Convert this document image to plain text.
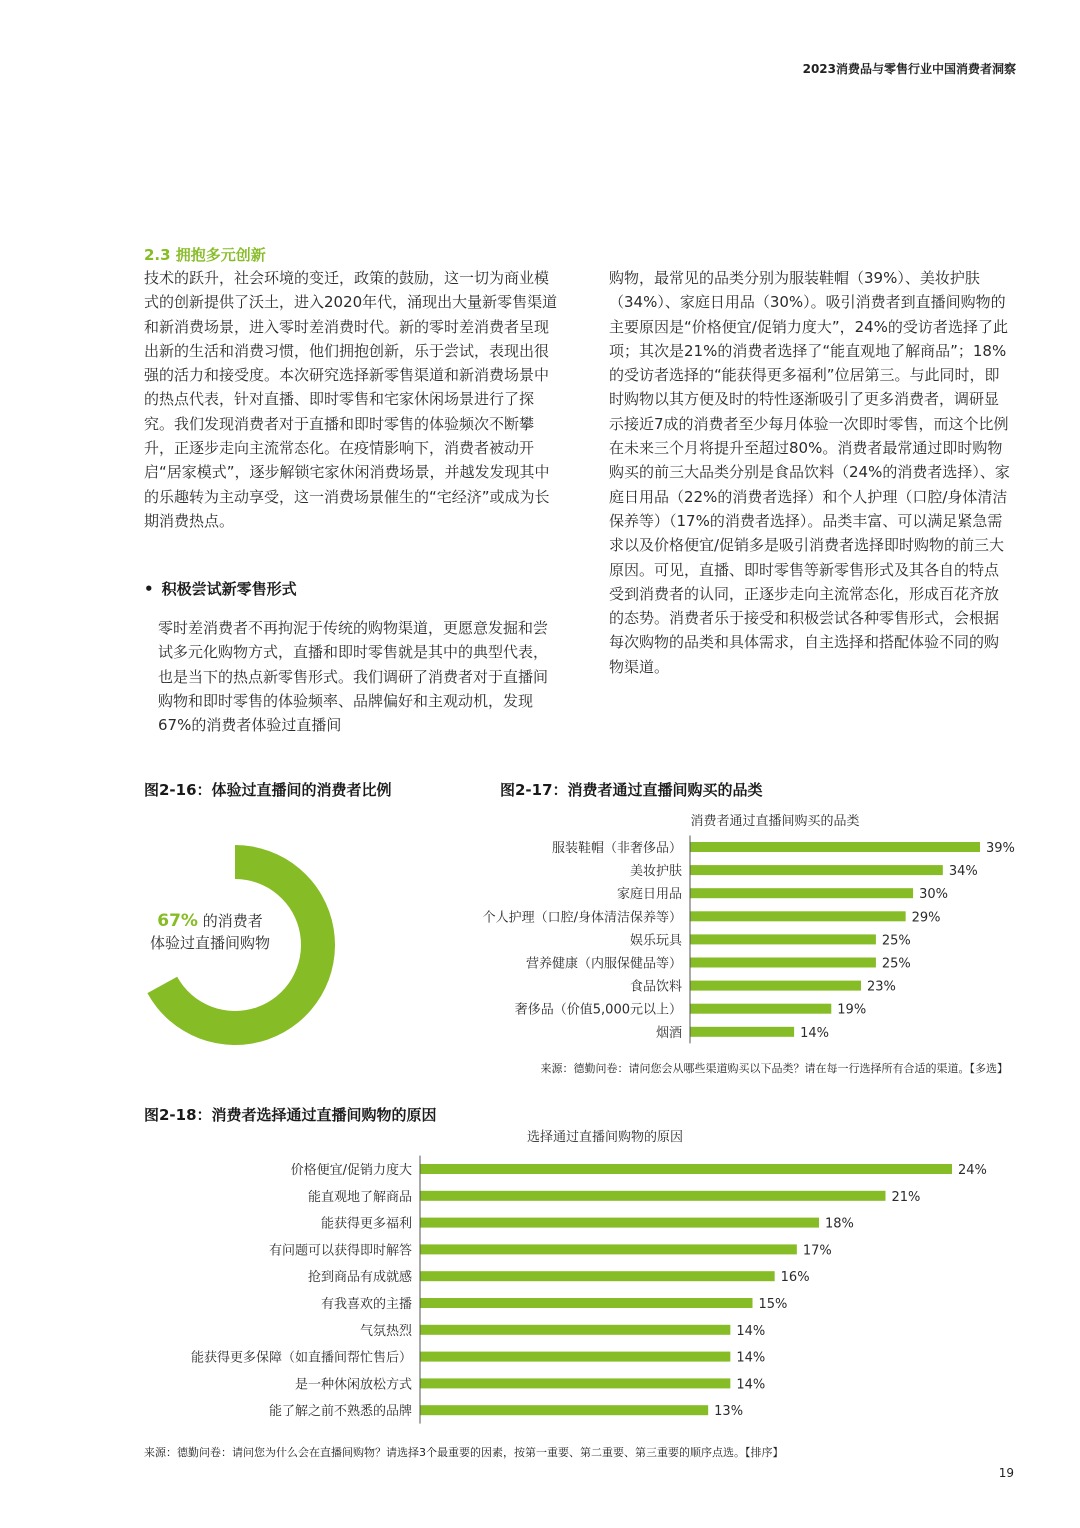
2023消费品与零售行业中国消费者洞察
2.3 拥抱多元创新

技术的跃升，社会环境的变迁，政策的鼓励，这一切为商业模式的创新提供了沃土，进入2020年代，涌现出大量新零售渠道和新消费场景，进入零时差消费时代。新的零时差消费者呈现出新的生活和消费习惯，他们拥抱创新，乐于尝试，表现出很强的活力和接受度。本次研究选择新零售渠道和新消费场景中的热点代表，针对直播、即时零售和宅家休闲场景进行了探究。我们发现消费者对于直播和即时零售的体验频次不断攀升，正逐步走向主流常态化。在疫情影响下，消费者被动开启“居家模式”，逐步解锁宅家休闲消费场景，并越发发现其中的乐趣转为主动享受，这一消费场景催生的“宅经济”或成为长期消费热点。

• 积极尝试新零售形式

零时差消费者不再拘泥于传统的购物渠道，更愿意发掘和尝试多元化购物方式，直播和即时零售就是其中的典型代表，也是当下的热点新零售形式。我们调研了消费者对于直播间购物和即时零售的体验频率、品牌偏好和主观动机，发现67%的消费者体验过直播间

购物，最常见的品类分别为服装鞋帽（39%）、美妆护肤（34%）、家庭日用品（30%）。吸引消费者到直播间购物的主要原因是“价格便宜/促销力度大”，24%的受访者选择了此项；其次是21%的消费者选择了“能直观地了解商品”；18%的受访者选择的“能获得更多福利”位居第三。与此同时，即时购物以其方便及时的特性逐渐吸引了更多消费者，调研显示接近7成的消费者至少每月体验一次即时零售，而这个比例在未来三个月将提升至超过80%。消费者最常通过即时购物购买的前三大品类分别是食品饮料（24%的消费者选择）、家庭日用品（22%的消费者选择）和个人护理（口腔/身体清洁保养等）（17%的消费者选择）。品类丰富、可以满足紧急需求以及价格便宜/促销多是吸引消费者选择即时购物的前三大原因。可见，直播、即时零售等新零售形式及其各自的特点受到消费者的认同，正逐步走向主流常态化，形成百花齐放的态势。消费者乐于接受和积极尝试各种零售形式，会根据每次购物的品类和具体需求，自主选择和搭配体验不同的购物渠道。

图2-16：体验过直播间的消费者比例
67% 的消费者
体验过直播间购物
图2-17：消费者通过直播间购买的品类
消费者通过直播间购买的品类
服装鞋帽（非奢侈品）	39%
美妆护肤	34%
家庭日用品	30%
个人护理（口腔/身体清洁保养等）	29%
娱乐玩具	25%
营养健康（内服保健品等）	25%
食品饮料	23%
奢侈品（价值5,000元以上）	19%
烟酒	14%
来源：德勤问卷：请问您会从哪些渠道购买以下品类？请在每一行选择所有合适的渠道。【多选】
图2-18：消费者选择通过直播间购物的原因
选择通过直播间购物的原因
价格便宜/促销力度大	24%
能直观地了解商品	21%
能获得更多福利	18%
有问题可以获得即时解答	17%
抢到商品有成就感	16%
有我喜欢的主播	15%
气氛热烈	14%
能获得更多保障（如直播间帮忙售后）	14%
是一种休闲放松方式	14%
能了解之前不熟悉的品牌	13%
来源：德勤问卷：请问您为什么会在直播间购物？请选择3个最重要的因素，按第一重要、第二重要、第三重要的顺序点选。【排序】
19
